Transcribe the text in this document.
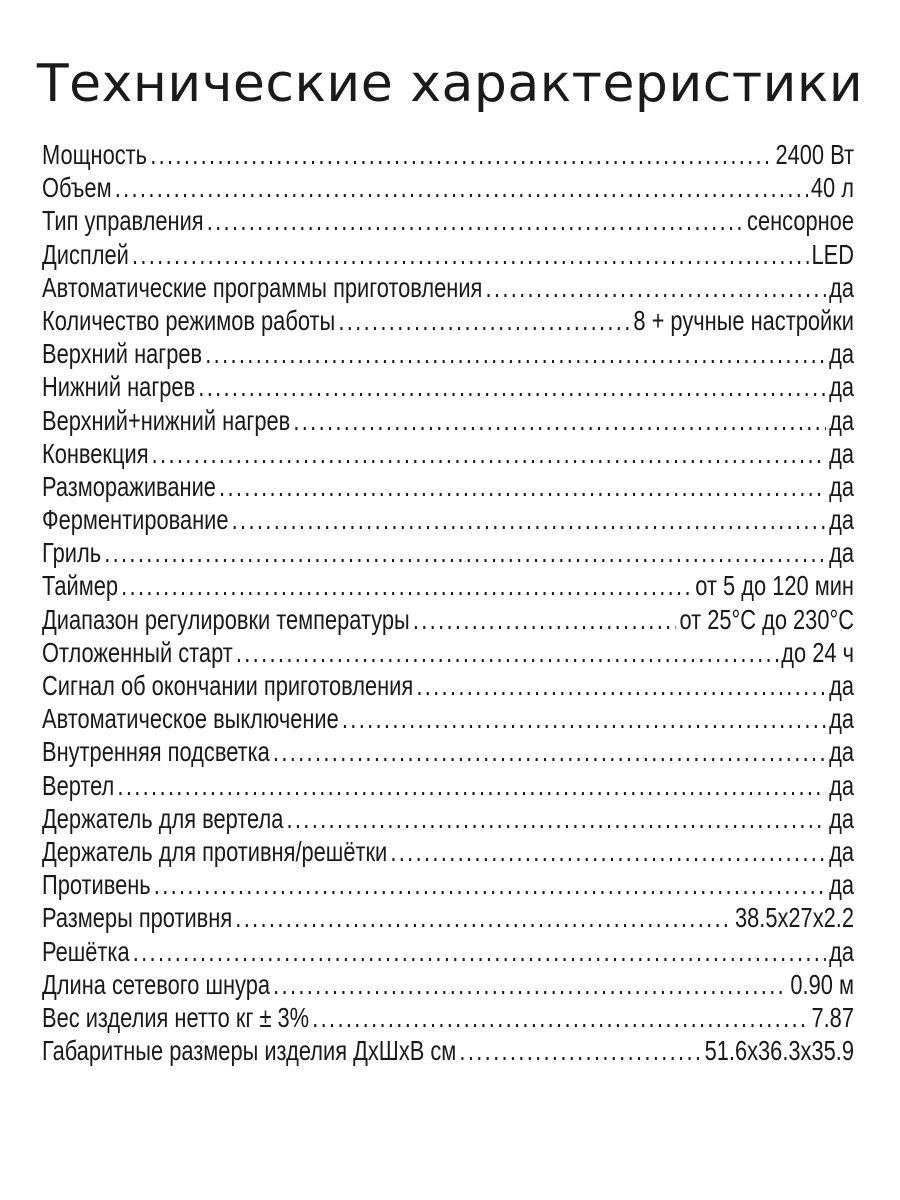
Технические характеристики
Мощность .....	2400 Вт
Объем .....	40 л
Тип управления .....	сенсорное
Дисплей .....	LED
Автоматические программы приготовления .....	да
Количество режимов работы .....	8 + ручные настройки
Верхний нагрев .....	да
Нижний нагрев .....	да
Верхний+нижний нагрев .....	да
Конвекция .....	да
Размораживание .....	да
Ферментирование .....	да
Гриль .....	да
Таймер .....	от 5 до 120 мин
Диапазон регулировки температуры .....	от 25°С до 230°С
Отложенный старт .....	до 24 ч
Сигнал об окончании приготовления .....	да
Автоматическое выключение .....	да
Внутренняя подсветка .....	да
Вертел .....	да
Держатель для вертела .....	да
Держатель для противня/решётки .....	да
Противень .....	да
Размеры противня .....	38.5х27х2.2
Решётка .....	да
Длина сетевого шнура .....	0.90 м
Вес изделия нетто кг ± 3% .....	7.87
Габаритные размеры изделия ДхШхВ см .....	51.6х36.3х35.9
